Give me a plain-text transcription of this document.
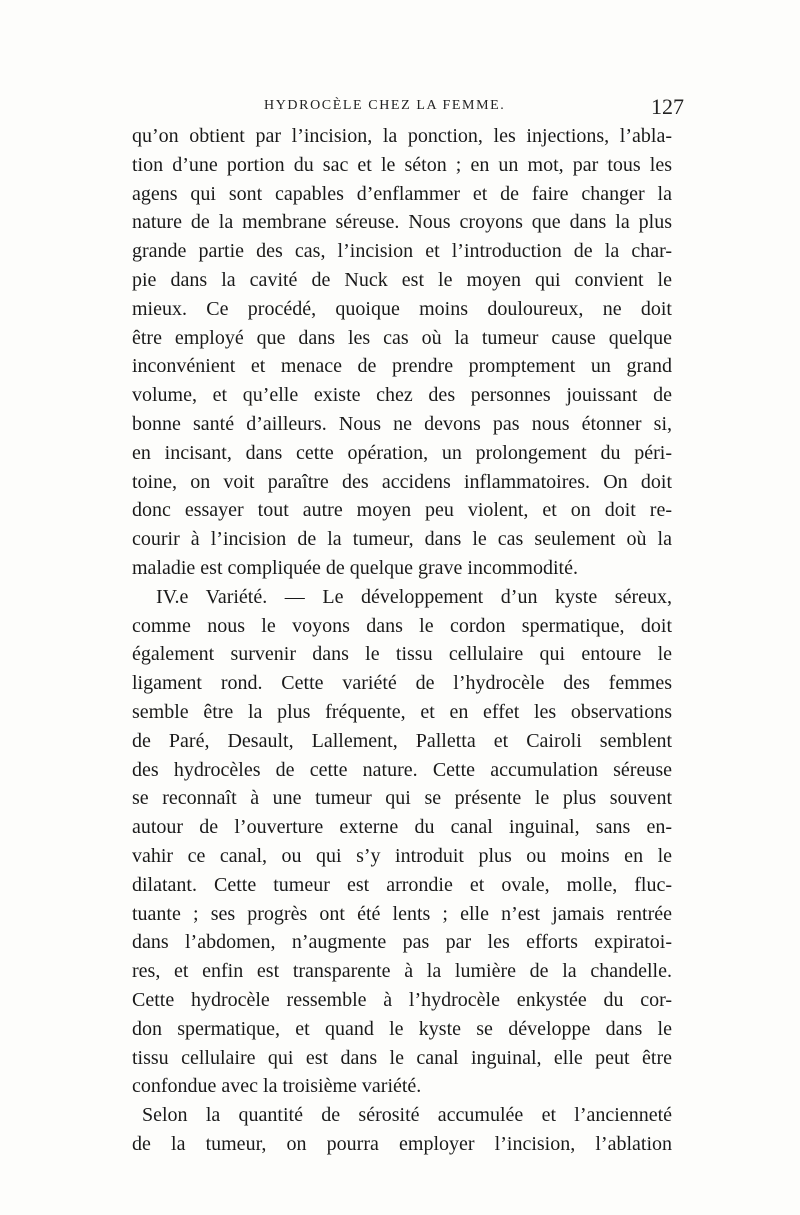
HYDROCÈLE CHEZ LA FEMME.	127
qu’on obtient par l’incision, la ponction, les injections, l’abla-
tion d’une portion du sac et le séton ; en un mot, par tous les
agens qui sont capables d’enflammer et de faire changer la
nature de la membrane séreuse. Nous croyons que dans la plus
grande partie des cas, l’incision et l’introduction de la char-
pie dans la cavité de Nuck est le moyen qui convient le
mieux. Ce procédé, quoique moins douloureux, ne doit
être employé que dans les cas où la tumeur cause quelque
inconvénient et menace de prendre promptement un grand
volume, et qu’elle existe chez des personnes jouissant de
bonne santé d’ailleurs. Nous ne devons pas nous étonner si,
en incisant, dans cette opération, un prolongement du péri-
toine, on voit paraître des accidens inflammatoires. On doit
donc essayer tout autre moyen peu violent, et on doit re-
courir à l’incision de la tumeur, dans le cas seulement où la
maladie est compliquée de quelque grave incommodité.
IV.e Variété. — Le développement d’un kyste séreux,
comme nous le voyons dans le cordon spermatique, doit
également survenir dans le tissu cellulaire qui entoure le
ligament rond. Cette variété de l’hydrocèle des femmes
semble être la plus fréquente, et en effet les observations
de Paré, Desault, Lallement, Palletta et Cairoli semblent
des hydrocèles de cette nature. Cette accumulation séreuse
se reconnaît à une tumeur qui se présente le plus souvent
autour de l’ouverture externe du canal inguinal, sans en-
vahir ce canal, ou qui s’y introduit plus ou moins en le
dilatant. Cette tumeur est arrondie et ovale, molle, fluc-
tuante ; ses progrès ont été lents ; elle n’est jamais rentrée
dans l’abdomen, n’augmente pas par les efforts expiratoi-
res, et enfin est transparente à la lumière de la chandelle.
Cette hydrocèle ressemble à l’hydrocèle enkystée du cor-
don spermatique, et quand le kyste se développe dans le
tissu cellulaire qui est dans le canal inguinal, elle peut être
confondue avec la troisième variété.
Selon la quantité de sérosité accumulée et l’ancienneté
de la tumeur, on pourra employer l’incision, l’ablation
